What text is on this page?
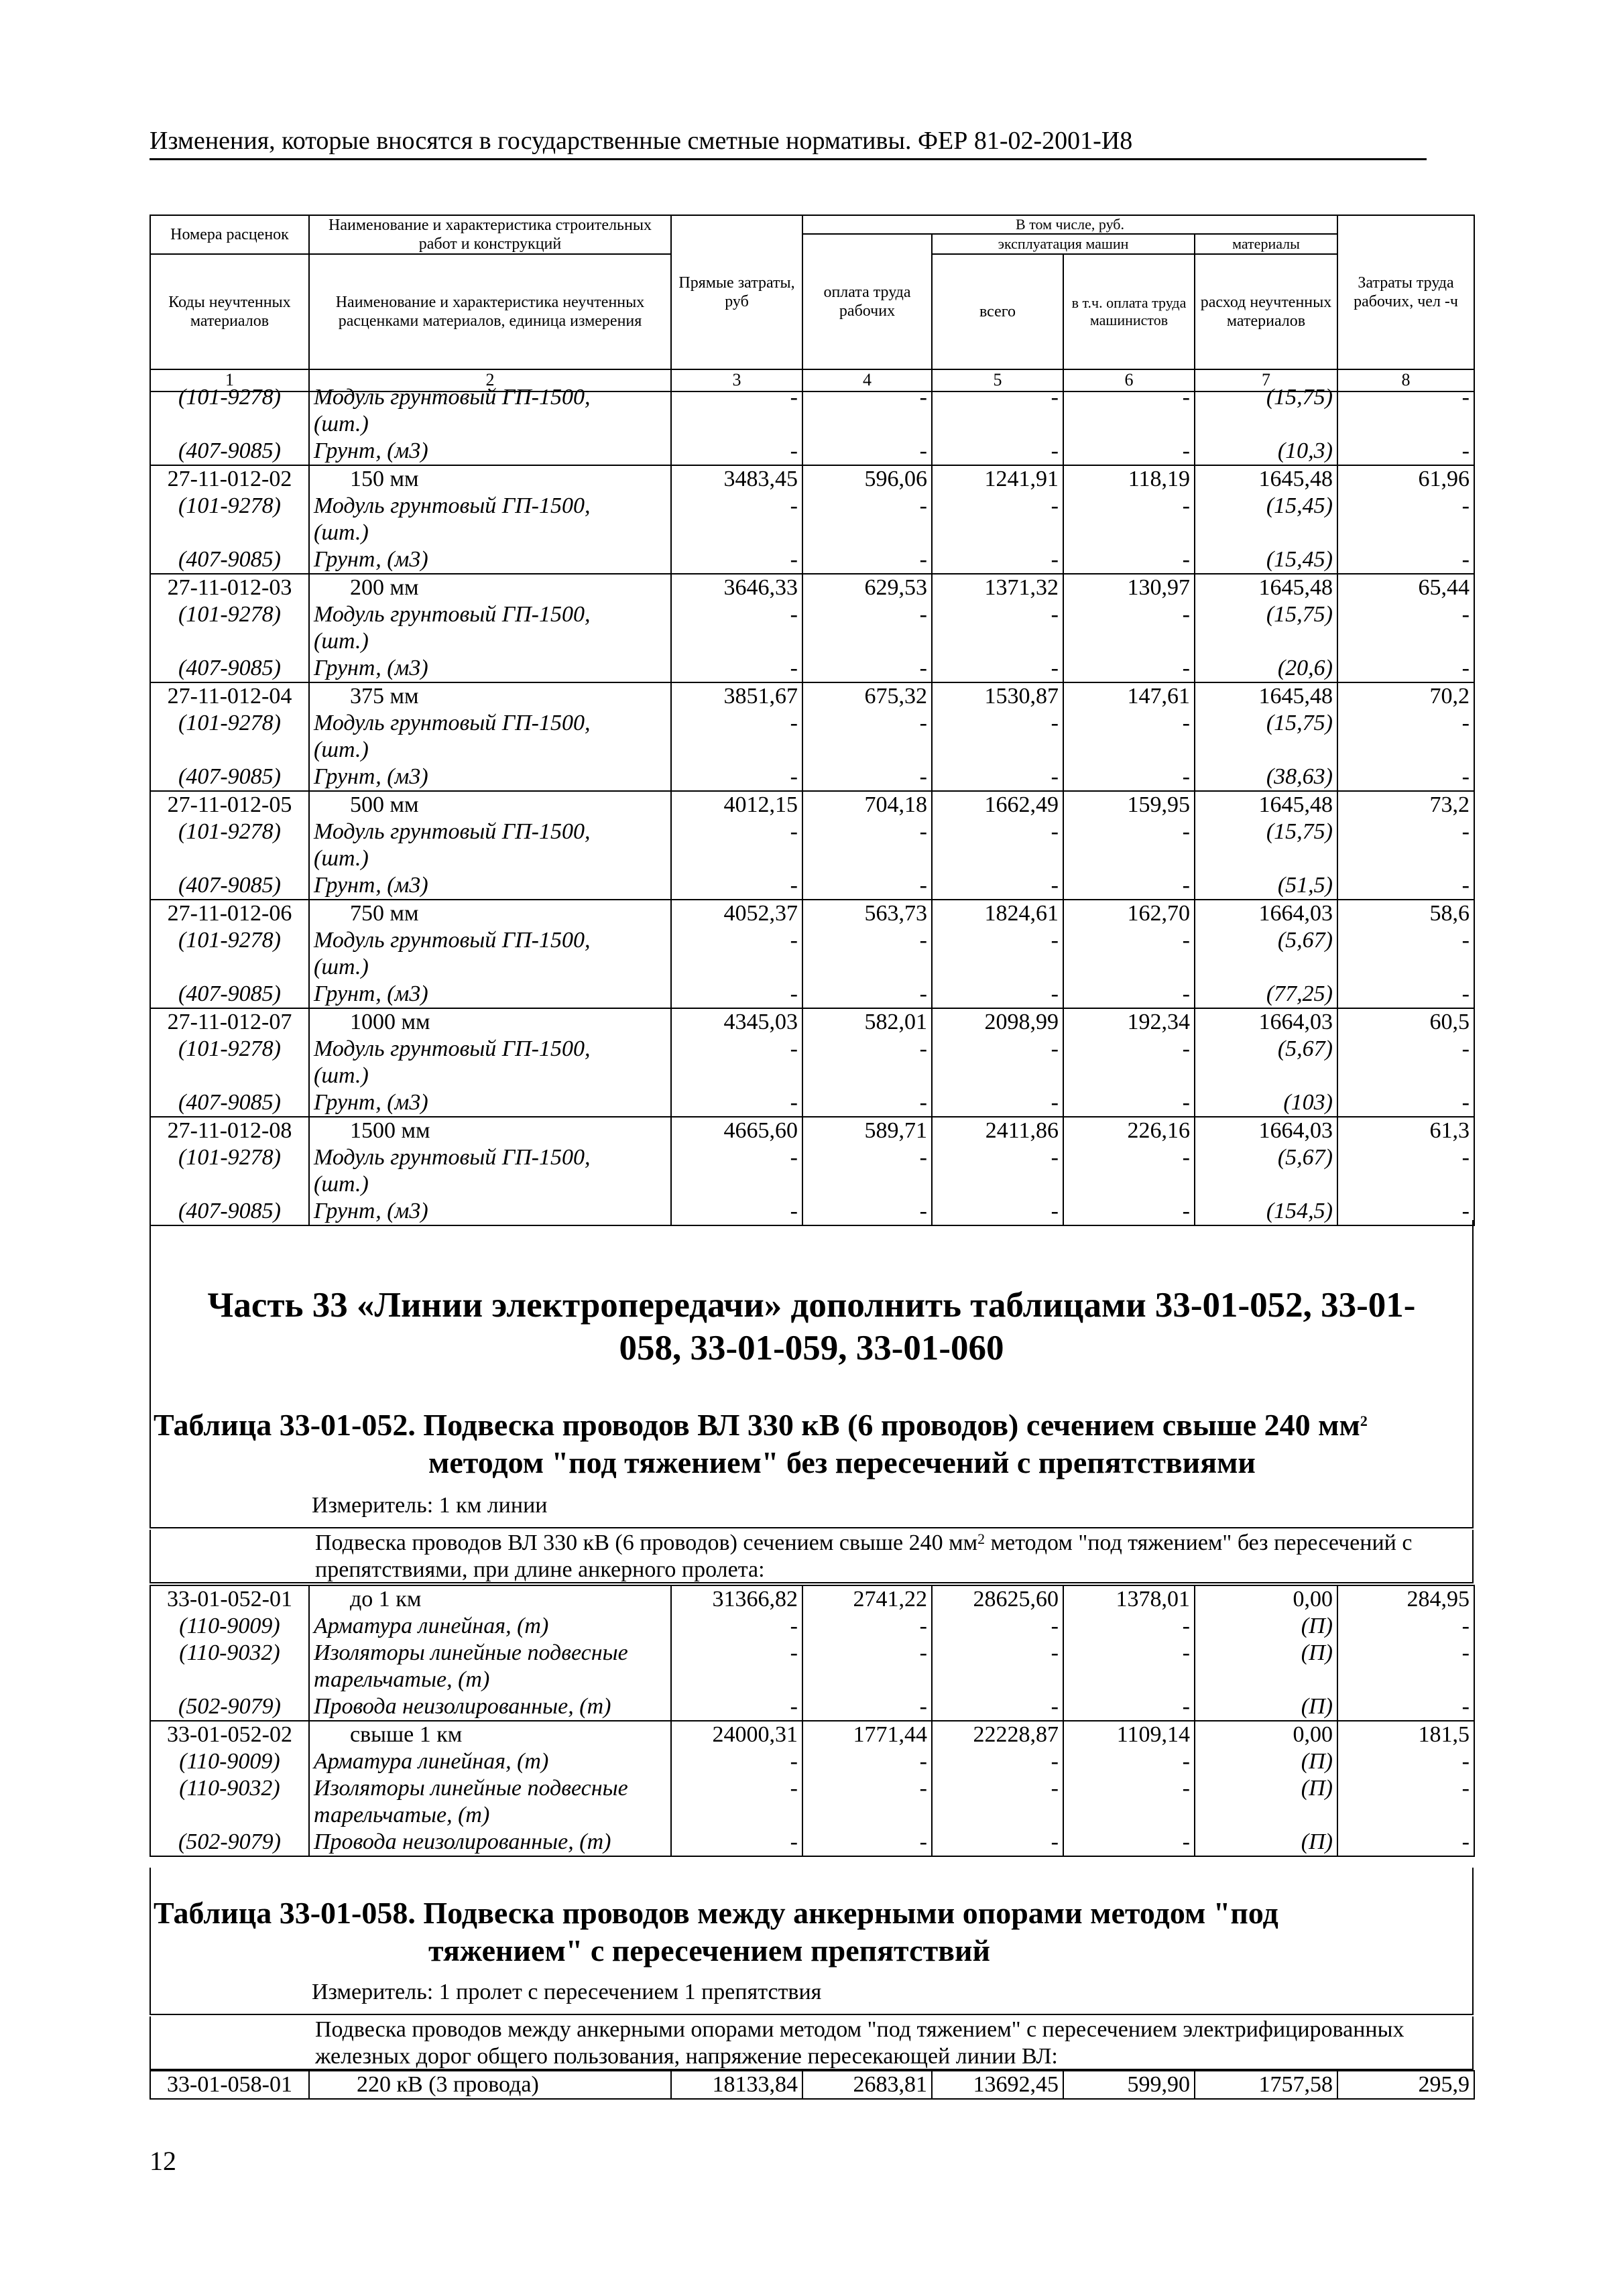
Изменения, которые вносятся в государственные сметные нормативы. ФЕР 81-02-2001-И8
Номера расценок	Наименование и характеристика строительных работ и конструкций	Прямые затраты, руб	В том числе, руб.				Затраты труда рабочих, чел -ч
			оплата труда рабочих	эксплуатация машин		материалы	
Коды неучтенных материалов	Наименование и характеристика неучтенных расценками материалов, единица измерения			всего	в т.ч. оплата труда машинистов	расход неучтенных материалов	

1	2	3	4	5	6	7	8
(101-9278)	Модуль грунтовый ГП-1500,	-	-	-	-	(15,75)	-
	(шт.)						
(407-9085)	Грунт, (м3)	-	-	-	-	(10,3)	-
27-11-012-02	150 мм	3483,45	596,06	1241,91	118,19	1645,48	61,96
(101-9278)	Модуль грунтовый ГП-1500,	-	-	-	-	(15,45)	-
	(шт.)						
(407-9085)	Грунт, (м3)	-	-	-	-	(15,45)	-
27-11-012-03	200 мм	3646,33	629,53	1371,32	130,97	1645,48	65,44
(101-9278)	Модуль грунтовый ГП-1500,	-	-	-	-	(15,75)	-
	(шт.)						
(407-9085)	Грунт, (м3)	-	-	-	-	(20,6)	-
27-11-012-04	375 мм	3851,67	675,32	1530,87	147,61	1645,48	70,2
(101-9278)	Модуль грунтовый ГП-1500,	-	-	-	-	(15,75)	-
	(шт.)						
(407-9085)	Грунт, (м3)	-	-	-	-	(38,63)	-
27-11-012-05	500 мм	4012,15	704,18	1662,49	159,95	1645,48	73,2
(101-9278)	Модуль грунтовый ГП-1500,	-	-	-	-	(15,75)	-
	(шт.)						
(407-9085)	Грунт, (м3)	-	-	-	-	(51,5)	-
27-11-012-06	750 мм	4052,37	563,73	1824,61	162,70	1664,03	58,6
(101-9278)	Модуль грунтовый ГП-1500,	-	-	-	-	(5,67)	-
	(шт.)						
(407-9085)	Грунт, (м3)	-	-	-	-	(77,25)	-
27-11-012-07	1000 мм	4345,03	582,01	2098,99	192,34	1664,03	60,5
(101-9278)	Модуль грунтовый ГП-1500,	-	-	-	-	(5,67)	-
	(шт.)						
(407-9085)	Грунт, (м3)	-	-	-	-	(103)	-
27-11-012-08	1500 мм	4665,60	589,71	2411,86	226,16	1664,03	61,3
(101-9278)	Модуль грунтовый ГП-1500,	-	-	-	-	(5,67)	-
	(шт.)						
(407-9085)	Грунт, (м3)	-	-	-	-	(154,5)	-
Часть 33 «Линии электропередачи» дополнить таблицами 33-01-052, 33-01-058, 33-01-059, 33-01-060
Таблица 33-01-052. Подвеска проводов ВЛ 330 кВ (6 проводов) сечением свыше 240 $мм^2$
методом "под тяжением" без пересечений с препятствиями
Измеритель: 1 км линии
Подвеска проводов ВЛ 330 кВ (6 проводов) сечением свыше 240 $мм^2$ методом "под тяжением" без пересечений с препятствиями, при длине анкерного пролета:
33-01-052-01	до 1 км	31366,82	2741,22	28625,60	1378,01	0,00	284,95
(110-9009)	Арматура линейная, (т)	-	-	-	-	(П)	-
(110-9032)	Изоляторы линейные подвесные	-	-	-	-	(П)	-
	тарельчатые, (т)						
(502-9079)	Провода неизолированные, (т)	-	-	-	-	(П)	-
33-01-052-02	свыше 1 км	24000,31	1771,44	22228,87	1109,14	0,00	181,5
(110-9009)	Арматура линейная, (т)	-	-	-	-	(П)	-
(110-9032)	Изоляторы линейные подвесные	-	-	-	-	(П)	-
	тарельчатые, (т)						
(502-9079)	Провода неизолированные, (т)	-	-	-	-	(П)	-
Таблица 33-01-058. Подвеска проводов между анкерными опорами методом "под
тяжением" с пересечением препятствий
Измеритель: 1 пролет с пересечением 1 препятствия
Подвеска проводов между анкерными опорами методом "под тяжением" с пересечением электрифицированных железных дорог общего пользования, напряжение пересекающей линии ВЛ:
33-01-058-01	220 кВ (3 провода)	18133,84	2683,81	13692,45	599,90	1757,58	295,9
12
